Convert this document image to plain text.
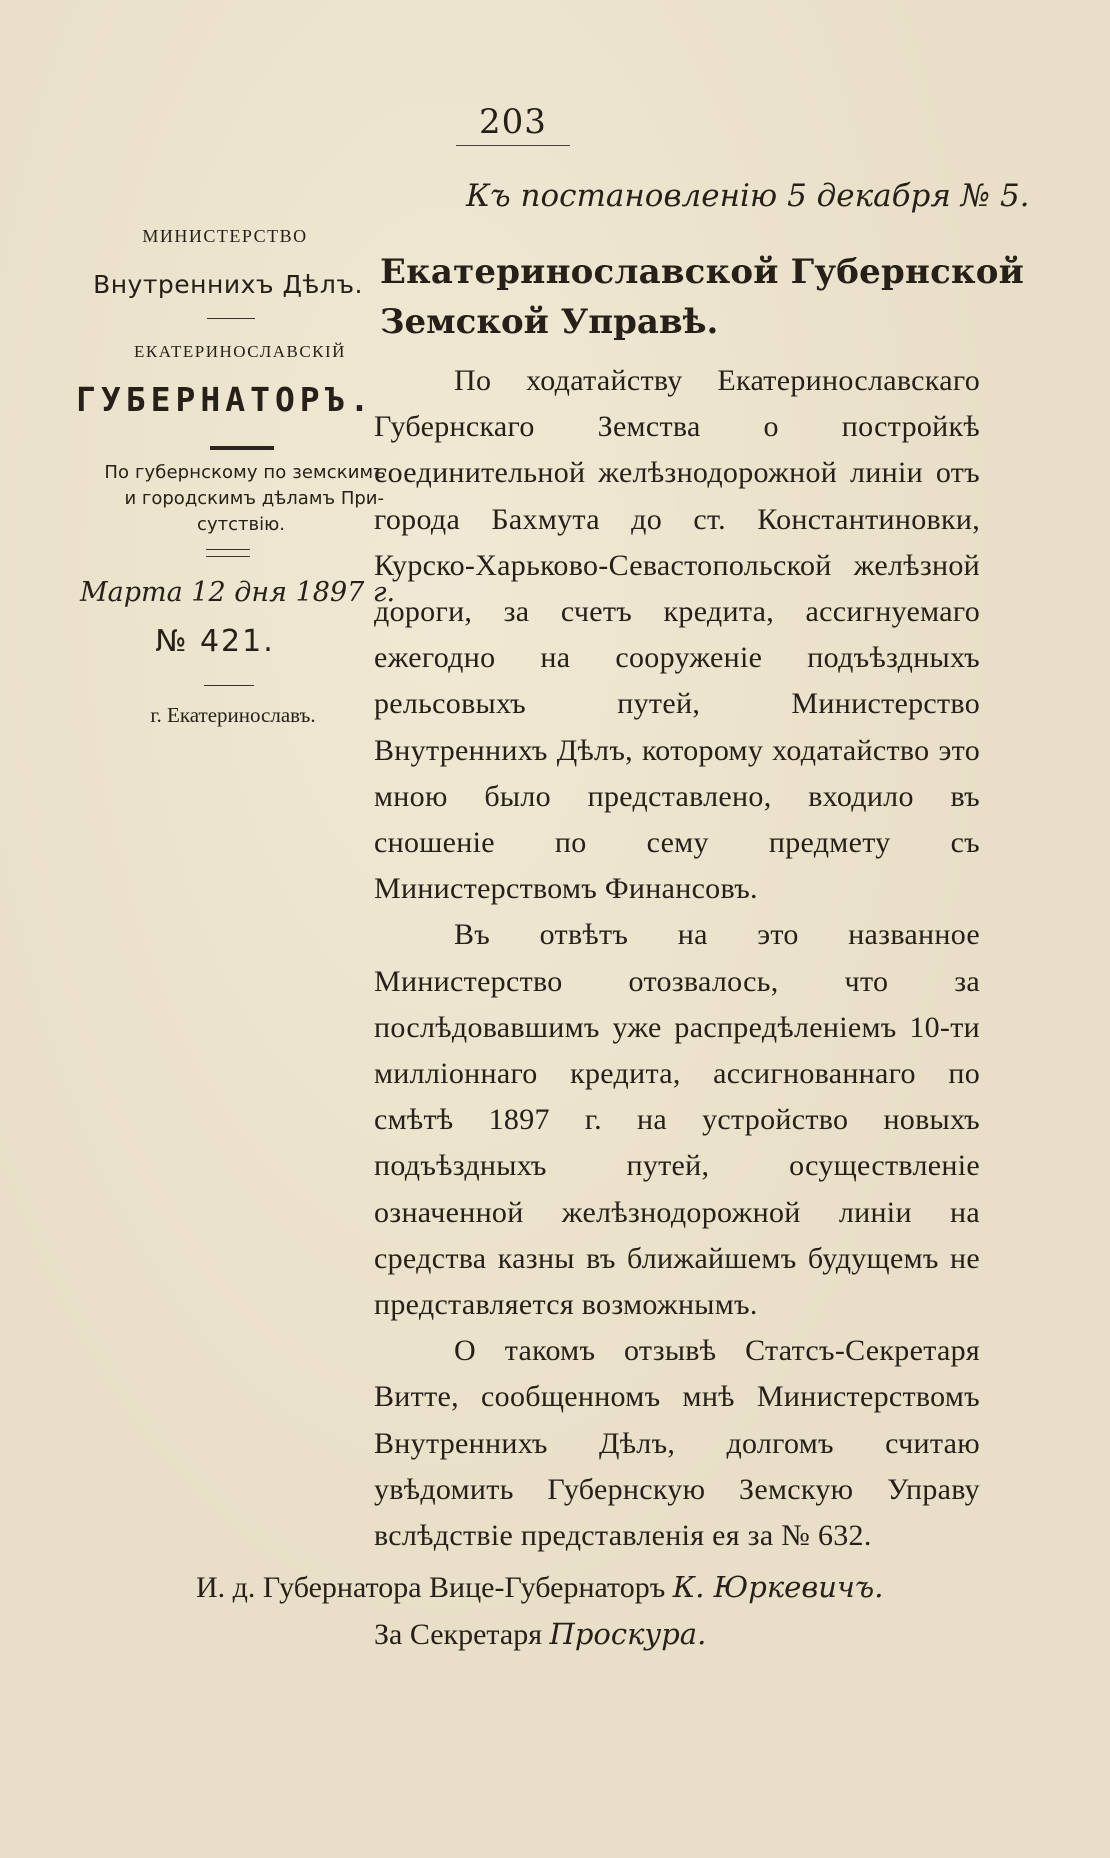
203
Къ постановленію 5 декабря № 5.
МИНИСТЕРСТВО
Внутреннихъ Дѣлъ.
ЕКАТЕРИНОСЛАВСКІЙ
ГУБЕРНАТОРЪ.
По губернскому по земскимъ
и городскимъ дѣламъ При-
сутствію.
Марта 12 дня 1897 г.
№ 421.
г. Екатеринославъ.
Екатеринославской Губернской
Земской Управѣ.

По ходатайству Екатеринославскаго Губернскаго Земства о постройкѣ соединительной желѣзнодорожной линіи отъ города Бахмута до ст. Константиновки, Курско-Харьково-Севастопольской желѣзной дороги, за счетъ кредита, ассигнуемаго ежегодно на сооруженіе подъѣздныхъ рельсовыхъ путей, Министерство Внутреннихъ Дѣлъ, которому ходатайство это мною было представлено, входило въ сношеніе по сему предмету съ Министерствомъ Финансовъ.

Въ отвѣтъ на это названное Министерство отозвалось, что за послѣдовавшимъ уже распредѣленіемъ 10-ти милліоннаго кредита, ассигнованнаго по смѣтѣ 1897 г. на устройство новыхъ подъѣздныхъ путей, осуществленіе означенной желѣзнодорожной линіи на средства казны въ ближайшемъ будущемъ не представляется возможнымъ.

О такомъ отзывѣ Статсъ-Секретаря Витте, сообщенномъ мнѣ Министерствомъ Внутреннихъ Дѣлъ, долгомъ считаю увѣдомить Губернскую Земскую Управу вслѣдствіе представленія ея за № 632.

И. д. Губернатора Вице-Губернаторъ К. Юркевичъ.
За Секретаря Проскура.
